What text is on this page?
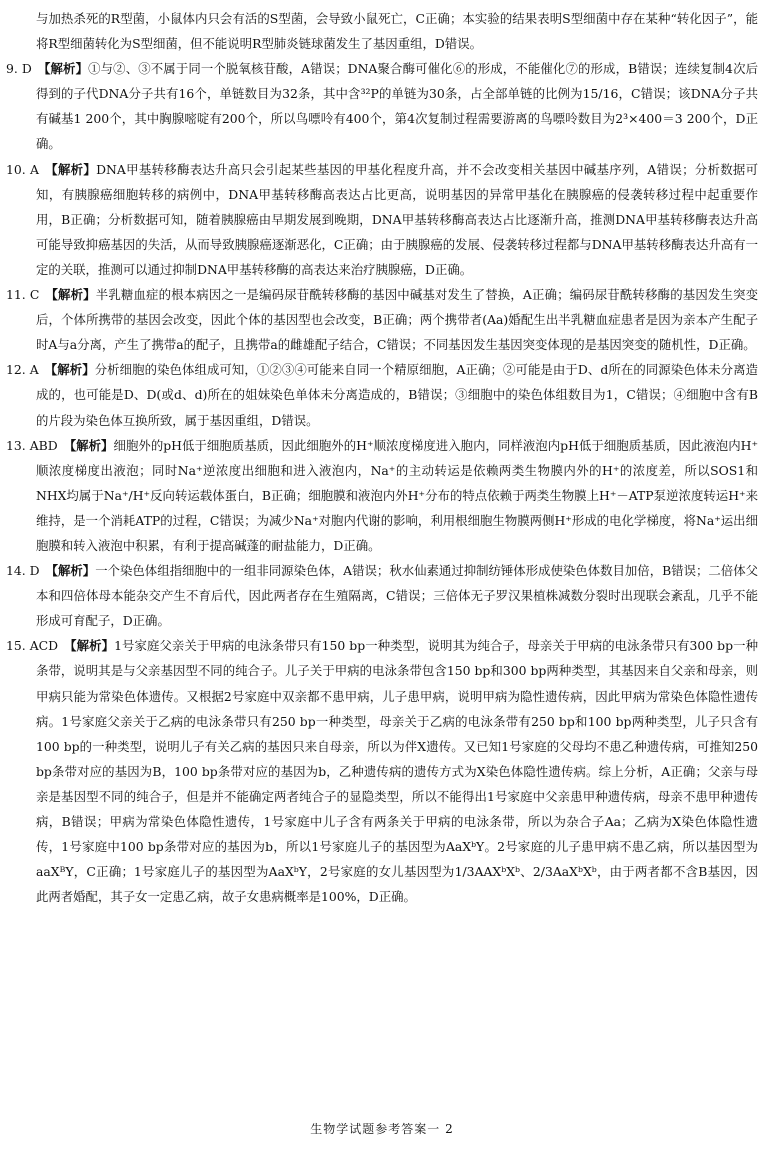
与加热杀死的R型菌，小鼠体内只会有活的S型菌，会导致小鼠死亡，C正确；本实验的结果表明S型细菌中存在某种“转化因子”，能将R型细菌转化为S型细菌，但不能说明R型肺炎链球菌发生了基因重组，D错误。

9. D 【解析】①与②、③不属于同一个脱氧核苷酸，A错误；DNA聚合酶可催化⑥的形成，不能催化⑦的形成，B错误；连续复制4次后得到的子代DNA分子共有16个，单链数目为32条，其中含³²P的单链为30条，占全部单链的比例为15/16，C错误；该DNA分子共有碱基1 200个，其中胸腺嘧啶有200个，所以鸟嘌呤有400个，第4次复制过程需要游离的鸟嘌呤数目为2³×400＝3 200个，D正确。

10. A 【解析】DNA甲基转移酶表达升高只会引起某些基因的甲基化程度升高，并不会改变相关基因中碱基序列，A错误；分析数据可知，有胰腺癌细胞转移的病例中，DNA甲基转移酶高表达占比更高，说明基因的异常甲基化在胰腺癌的侵袭转移过程中起重要作用，B正确；分析数据可知，随着胰腺癌由早期发展到晚期，DNA甲基转移酶高表达占比逐渐升高，推测DNA甲基转移酶表达升高可能导致抑癌基因的失活，从而导致胰腺癌逐渐恶化，C正确；由于胰腺癌的发展、侵袭转移过程都与DNA甲基转移酶表达升高有一定的关联，推测可以通过抑制DNA甲基转移酶的高表达来治疗胰腺癌，D正确。

11. C 【解析】半乳糖血症的根本病因之一是编码尿苷酰转移酶的基因中碱基对发生了替换，A正确；编码尿苷酰转移酶的基因发生突变后，个体所携带的基因会改变，因此个体的基因型也会改变，B正确；两个携带者(Aa)婚配生出半乳糖血症患者是因为亲本产生配子时A与a分离，产生了携带a的配子，且携带a的雌雄配子结合，C错误；不同基因发生基因突变体现的是基因突变的随机性，D正确。

12. A 【解析】分析细胞的染色体组成可知，①②③④可能来自同一个精原细胞，A正确；②可能是由于D、d所在的同源染色体未分离造成的，也可能是D、D(或d、d)所在的姐妹染色单体未分离造成的，B错误；③细胞中的染色体组数目为1，C错误；④细胞中含有B的片段为染色体互换所致，属于基因重组，D错误。

13. ABD 【解析】细胞外的pH低于细胞质基质，因此细胞外的H⁺顺浓度梯度进入胞内，同样液泡内pH低于细胞质基质，因此液泡内H⁺顺浓度梯度出液泡；同时Na⁺逆浓度出细胞和进入液泡内，Na⁺的主动转运是依赖两类生物膜内外的H⁺的浓度差，所以SOS1和NHX均属于Na⁺/H⁺反向转运载体蛋白，B正确；细胞膜和液泡内外H⁺分布的特点依赖于两类生物膜上H⁺－ATP泵逆浓度转运H⁺来维持，是一个消耗ATP的过程，C错误；为减少Na⁺对胞内代谢的影响，利用根细胞生物膜两侧H⁺形成的电化学梯度，将Na⁺运出细胞膜和转入液泡中积累，有利于提高碱蓬的耐盐能力，D正确。

14. D 【解析】一个染色体组指细胞中的一组非同源染色体，A错误；秋水仙素通过抑制纺锤体形成使染色体数目加倍，B错误；二倍体父本和四倍体母本能杂交产生不育后代，因此两者存在生殖隔离，C错误；三倍体无子罗汉果植株减数分裂时出现联会紊乱，几乎不能形成可育配子，D正确。

15. ACD 【解析】1号家庭父亲关于甲病的电泳条带只有150 bp一种类型，说明其为纯合子，母亲关于甲病的电泳条带只有300 bp一种条带，说明其是与父亲基因型不同的纯合子。儿子关于甲病的电泳条带包含150 bp和300 bp两种类型，其基因来自父亲和母亲，则甲病只能为常染色体遗传。又根据2号家庭中双亲都不患甲病，儿子患甲病，说明甲病为隐性遗传病，因此甲病为常染色体隐性遗传病。1号家庭父亲关于乙病的电泳条带只有250 bp一种类型，母亲关于乙病的电泳条带有250 bp和100 bp两种类型，儿子只含有100 bp的一种类型，说明儿子有关乙病的基因只来自母亲，所以为伴X遗传。又已知1号家庭的父母均不患乙种遗传病，可推知250 bp条带对应的基因为B，100 bp条带对应的基因为b，乙种遗传病的遗传方式为X染色体隐性遗传病。综上分析，A正确；父亲与母亲是基因型不同的纯合子，但是并不能确定两者纯合子的显隐类型，所以不能得出1号家庭中父亲患甲种遗传病，母亲不患甲种遗传病，B错误；甲病为常染色体隐性遗传，1号家庭中儿子含有两条关于甲病的电泳条带，所以为杂合子Aa；乙病为X染色体隐性遗传，1号家庭中100 bp条带对应的基因为b，所以1号家庭儿子的基因型为AaXᵇY。2号家庭的儿子患甲病不患乙病，所以基因型为aaXᴮY，C正确；1号家庭儿子的基因型为AaXᵇY，2号家庭的女儿基因型为1/3AAXᵇXᵇ、2/3AaXᵇXᵇ，由于两者都不含B基因，因此两者婚配，其子女一定患乙病，故子女患病概率是100%，D正确。

生物学试题参考答案一 2
